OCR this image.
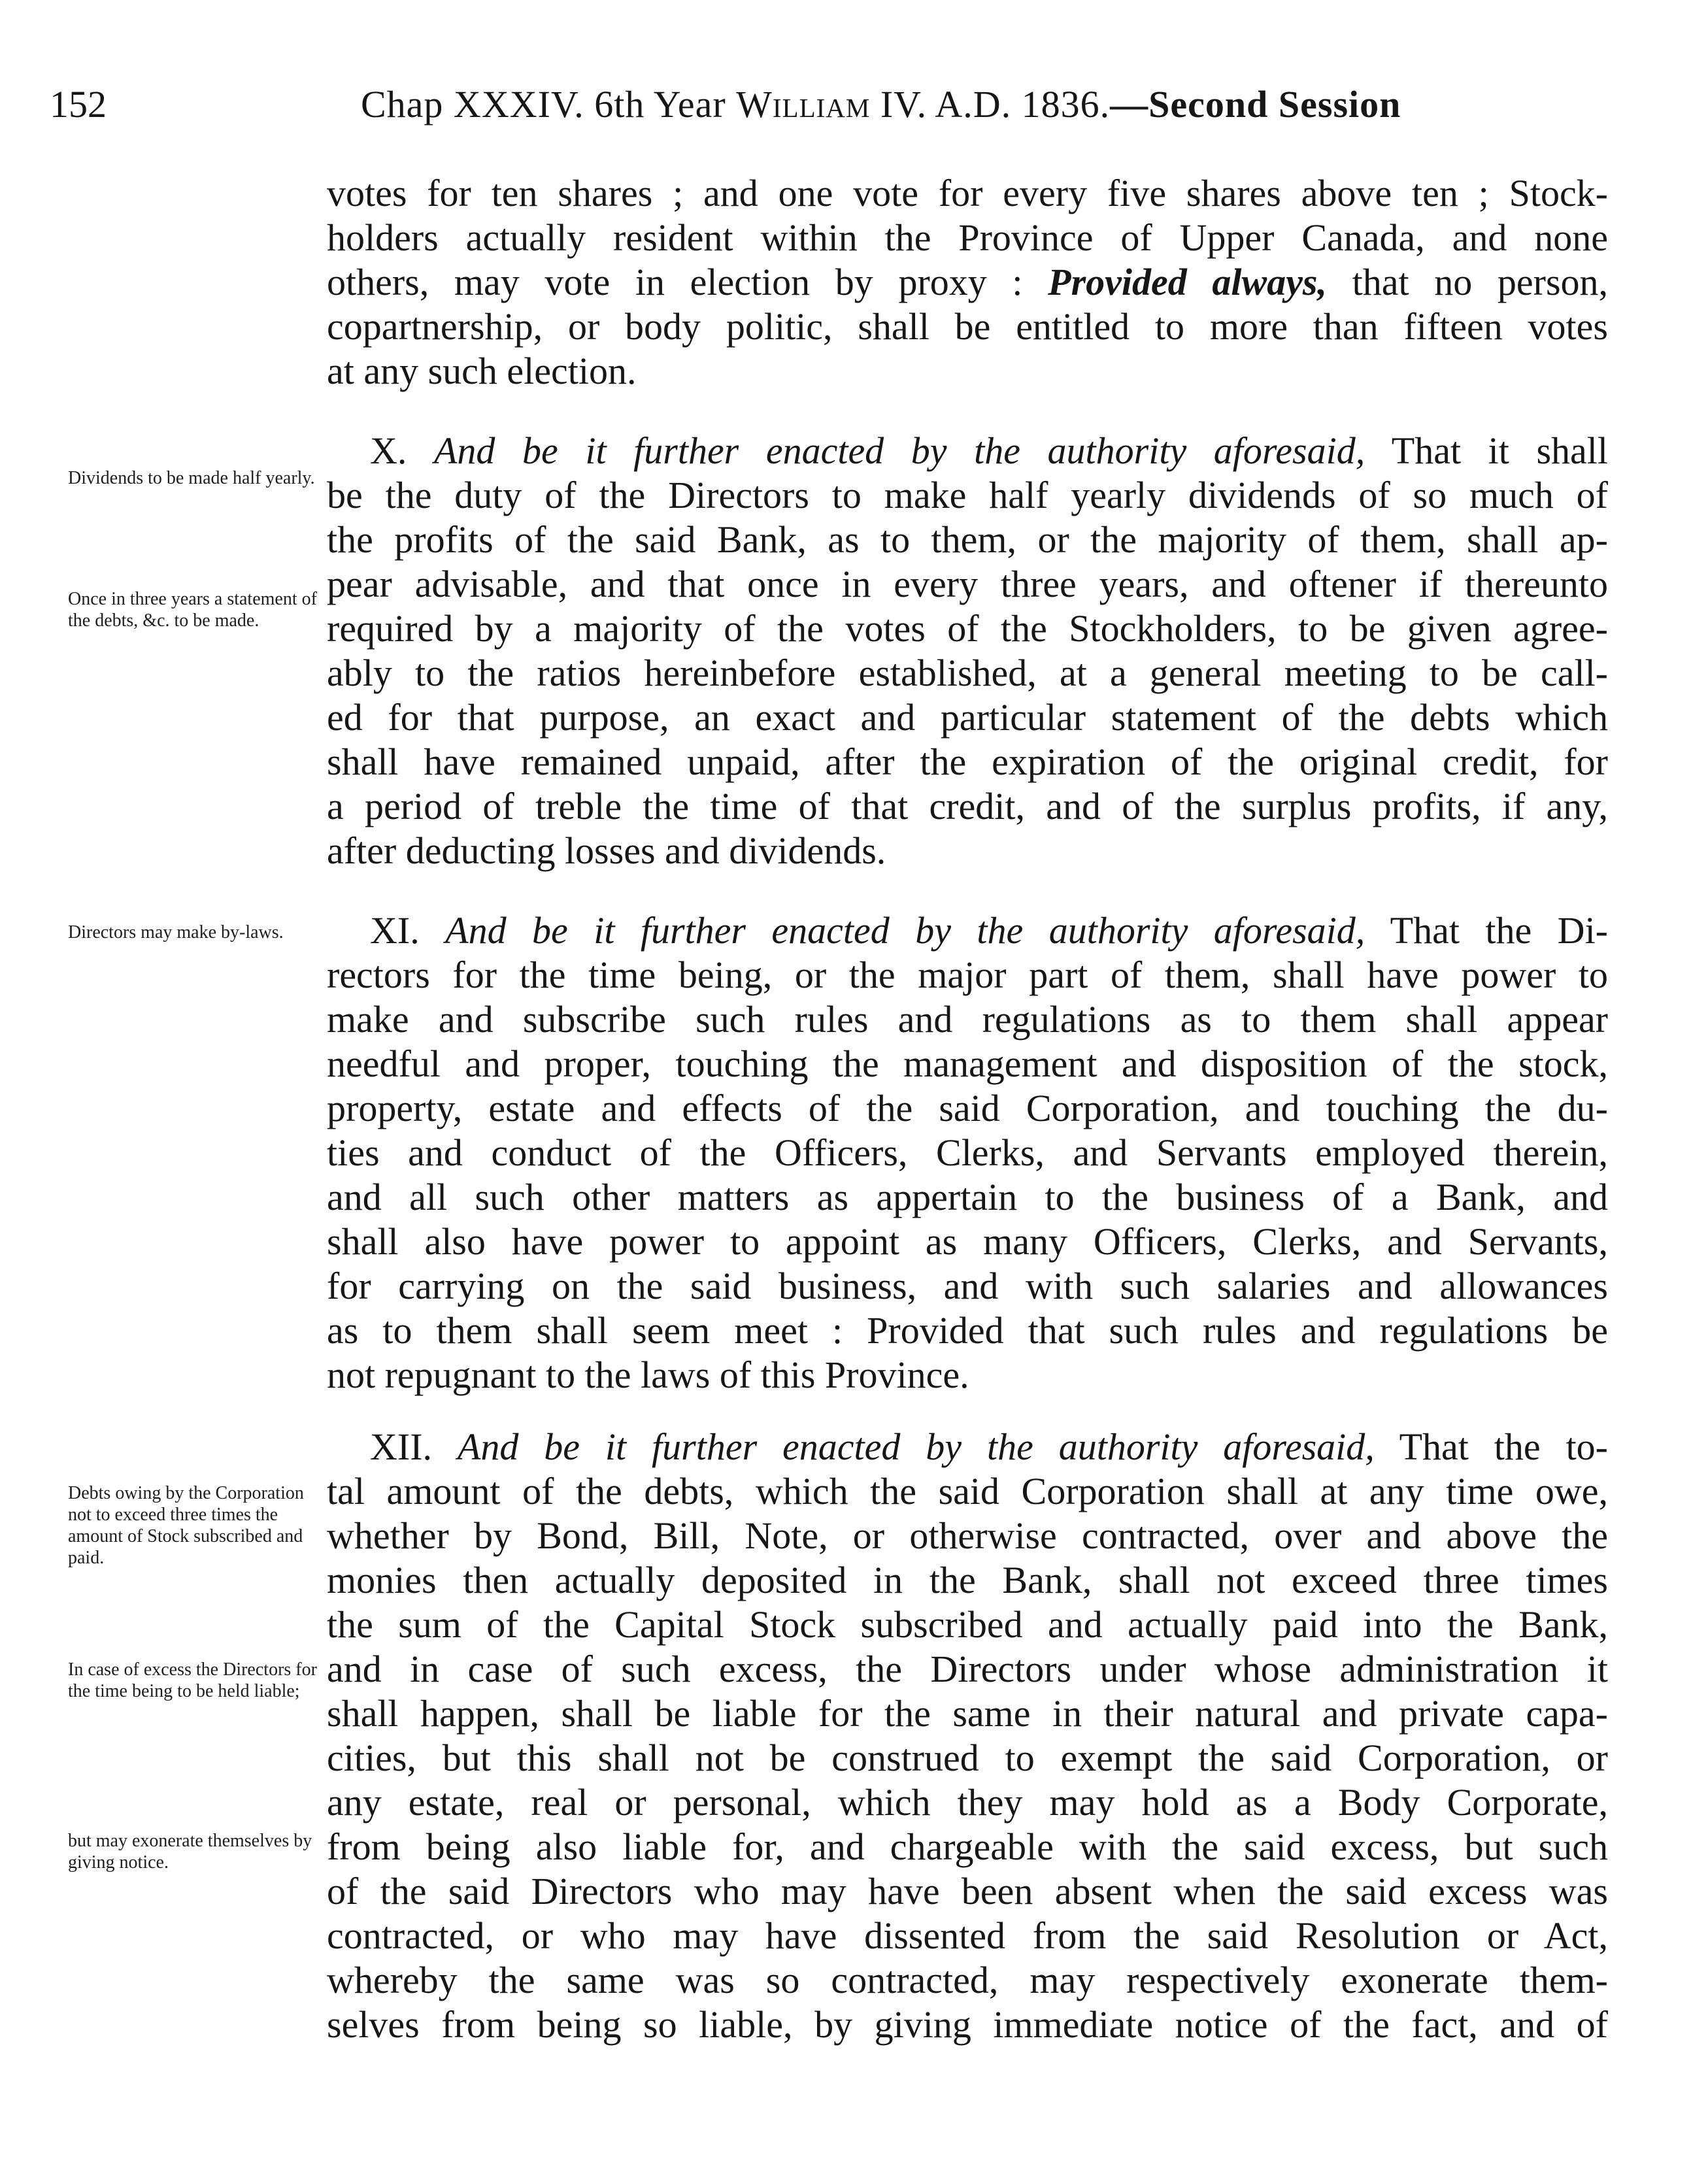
152	Chap XXXIV. 6th Year William IV. A.D. 1836.—Second Session
Dividends to be made half yearly.
Once in three years a statement of the debts, &c. to be made.
Directors may make by-laws.
Debts owing by the Corporation not to exceed three times the amount of Stock subscribed and paid.
In case of excess the Directors for the time being to be held liable;
but may exonerate themselves by giving notice.
votes for ten shares ; and one vote for every five shares above ten ; Stock-
holders actually resident within the Province of Upper Canada, and none
others, may vote in election by proxy : Provided always, that no person,
copartnership, or body politic, shall be entitled to more than fifteen votes
at any such election.
X. And be it further enacted by the authority aforesaid, That it shall
be the duty of the Directors to make half yearly dividends of so much of
the profits of the said Bank, as to them, or the majority of them, shall ap-
pear advisable, and that once in every three years, and oftener if thereunto
required by a majority of the votes of the Stockholders, to be given agree-
ably to the ratios hereinbefore established, at a general meeting to be call-
ed for that purpose, an exact and particular statement of the debts which
shall have remained unpaid, after the expiration of the original credit, for
a period of treble the time of that credit, and of the surplus profits, if any,
after deducting losses and dividends.
XI. And be it further enacted by the authority aforesaid, That the Di-
rectors for the time being, or the major part of them, shall have power to
make and subscribe such rules and regulations as to them shall appear
needful and proper, touching the management and disposition of the stock,
property, estate and effects of the said Corporation, and touching the du-
ties and conduct of the Officers, Clerks, and Servants employed therein,
and all such other matters as appertain to the business of a Bank, and
shall also have power to appoint as many Officers, Clerks, and Servants,
for carrying on the said business, and with such salaries and allowances
as to them shall seem meet : Provided that such rules and regulations be
not repugnant to the laws of this Province.
XII. And be it further enacted by the authority aforesaid, That the to-
tal amount of the debts, which the said Corporation shall at any time owe,
whether by Bond, Bill, Note, or otherwise contracted, over and above the
monies then actually deposited in the Bank, shall not exceed three times
the sum of the Capital Stock subscribed and actually paid into the Bank,
and in case of such excess, the Directors under whose administration it
shall happen, shall be liable for the same in their natural and private capa-
cities, but this shall not be construed to exempt the said Corporation, or
any estate, real or personal, which they may hold as a Body Corporate,
from being also liable for, and chargeable with the said excess, but such
of the said Directors who may have been absent when the said excess was
contracted, or who may have dissented from the said Resolution or Act,
whereby the same was so contracted, may respectively exonerate them-
selves from being so liable, by giving immediate notice of the fact, and of
